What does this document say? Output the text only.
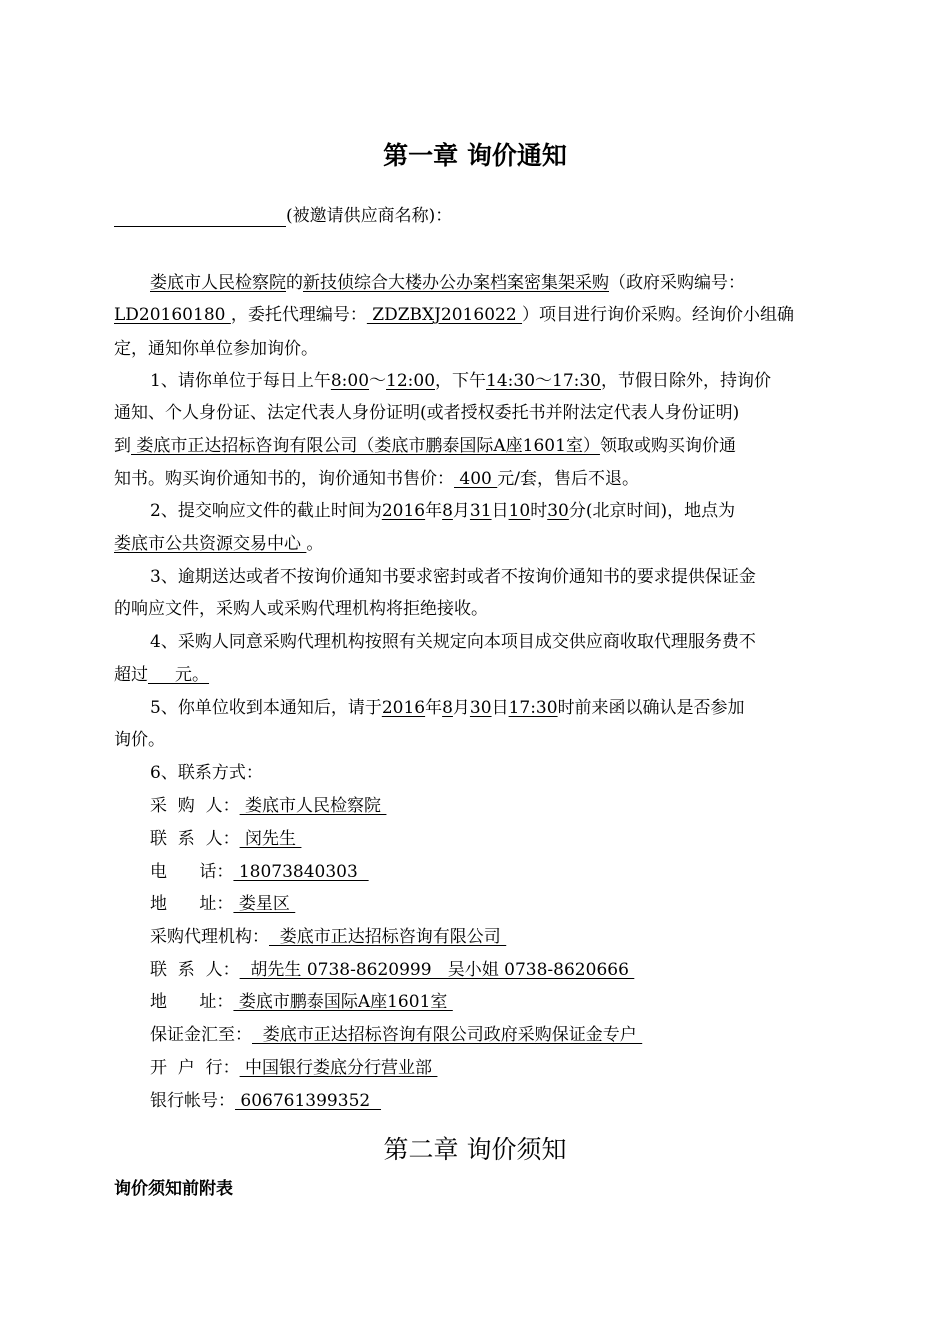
第一章 询价通知
(被邀请供应商名称)：
娄底市人民检察院的新技侦综合大楼办公办案档案密集架采购（政府采购编号：
LD20160180 ，委托代理编号： ZDZBXJ2016022 ）项目进行询价采购。经询价小组确
定，通知你单位参加询价。
1、请你单位于每日上午8:00～12:00，下午14:30～17:30，节假日除外，持询价
通知、个人身份证、法定代表人身份证明(或者授权委托书并附法定代表人身份证明)
到 娄底市正达招标咨询有限公司（娄底市鹏泰国际A座1601室）领取或购买询价通
知书。购买询价通知书的，询价通知书售价： 400 元/套，售后不退。
2、提交响应文件的截止时间为2016年8月31日10时30分(北京时间)，地点为
娄底市公共资源交易中心 。
3、逾期送达或者不按询价通知书要求密封或者不按询价通知书的要求提供保证金
的响应文件，采购人或采购代理机构将拒绝接收。
4、采购人同意采购代理机构按照有关规定向本项目成交供应商收取代理服务费不
超过     元。
5、你单位收到本通知后，请于2016年8月30日17:30时前来函以确认是否参加
询价。
6、联系方式：
采  购  人： 娄底市人民检察院
联  系  人： 闵先生
电      话： 18073840303
地      址： 娄星区
采购代理机构：  娄底市正达招标咨询有限公司
联  系  人：  胡先生 0738-8620999   吴小姐 0738-8620666
地      址： 娄底市鹏泰国际A座1601室
保证金汇至：  娄底市正达招标咨询有限公司政府采购保证金专户
开  户  行： 中国银行娄底分行营业部
银行帐号： 606761399352
第二章 询价须知
询价须知前附表
